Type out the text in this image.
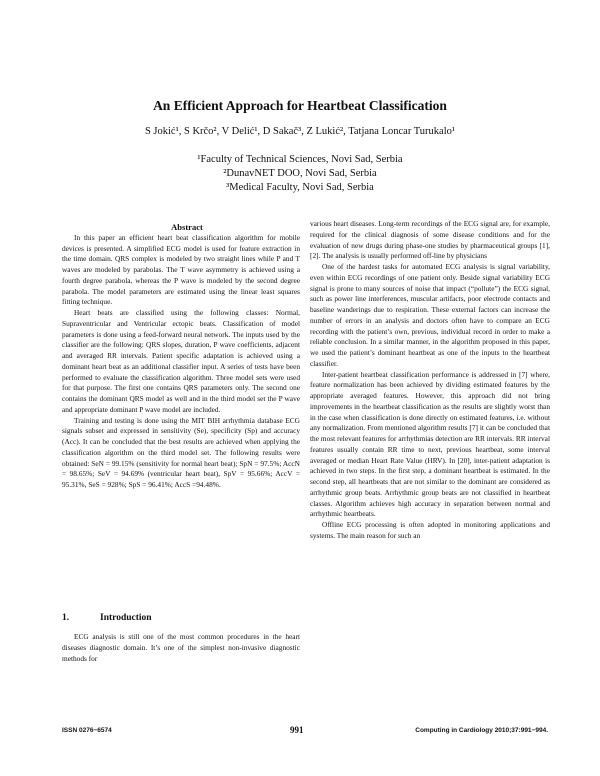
An Efficient Approach for Heartbeat Classification
S Jokić¹, S Krčo², V Delić¹, D Sakač³, Z Lukić², Tatjana Loncar Turukalo¹
¹Faculty of Technical Sciences, Novi Sad, Serbia
²DunavNET DOO, Novi Sad, Serbia
³Medical Faculty, Novi Sad, Serbia

Abstract

In this paper an efficient heart beat classification algorithm for mobile devices is presented. A simplified ECG model is used for feature extraction in the time domain. QRS complex is modeled by two straight lines while P and T waves are modeled by parabolas. The T wave asymmetry is achieved using a fourth degree parabola, whereas the P wave is modeled by the second degree parabola. The model parameters are estimated using the linear least squares fitting technique.

Heart beats are classified using the following classes: Normal, Supraventricular and Ventricular ectopic beats. Classification of model parameters is done using a feed-forward neural network. The inputs used by the classifier are the following: QRS slopes, duration, P wave coefficients, adjacent and averaged RR intervals. Patient specific adaptation is achieved using a dominant heart beat as an additional classifier input. A series of tests have been performed to evaluate the classification algorithm. Three model sets were used for that purpose. The first one contains QRS parameters only. The second one contains the dominant QRS model as well and in the third model set the P wave and appropriate dominant P wave model are included.

Training and testing is done using the MIT BIH arrhythmia database ECG signals subset and expressed in sensitivity (Se), specificity (Sp) and accuracy (Acc). It can be concluded that the best results are achieved when applying the classification algorithm on the third model set. The following results were obtained: SeN = 99.15% (sensitivity for normal heart beat); SpN = 97.5%; AccN = 98.65%; SeV = 94.69% (ventricular heart beat), SpV = 95.66%; AccV = 95.31%, SeS = 928%; SpS = 96.41%; AccS =94.48%.

1.	Introduction

ECG analysis is still one of the most common procedures in the heart diseases diagnostic domain. It’s one of the simplest non-invasive diagnostic methods for

various heart diseases. Long-term recordings of the ECG signal are, for example, required for the clinical diagnosis of some disease conditions and for the evaluation of new drugs during phase-one studies by pharmaceutical groups [1], [2]. The analysis is usually performed off-line by physicians

One of the hardest tasks for automated ECG analysis is signal variability, even within ECG recordings of one patient only. Beside signal variability ECG signal is prone to many sources of noise that impact (“pollute”) the ECG signal, such as power line interferences, muscular artifacts, poor electrode contacts and baseline wanderings due to respiration. These external factors can increase the number of errors in an analysis and doctors often have to compare an ECG recording with the patient’s own, previous, individual record in order to make a reliable conclusion. In a similar manner, in the algorithm proposed in this paper, we used the patient’s dominant heartbeat as one of the inputs to the heartbeat classifier.

Inter-patient heartbeat classification performance is addressed in [7] where, feature normalization has been achieved by dividing estimated features by the appropriate averaged features. However, this approach did not bring improvements in the heartbeat classification as the results are slightly worst than in the case when classification is done directly on estimated features, i.e. without any normalization. From mentioned algorithm results [7] it can be concluded that the most relevant features for arrhythmias detection are RR intervals. RR interval features usually contain RR time to next, previous heartbeat, some interval averaged or median Heart Rate Value (HRV). In [20], inter-patient adaptation is achieved in two steps. In the first step, a dominant heartbeat is estimated. In the second step, all heartbeats that are not similar to the dominant are considered as arrhythmic group beats. Arrhythmic group beats are not classified in heartbeat classes. Algorithm achieves high accuracy in separation between normal and arrhythmic heartbeats.

Offline ECG processing is often adopted in monitoring applications and systems. The main reason for such an

ISSN 0276−6574	991	Computing in Cardiology 2010;37:991−994.
